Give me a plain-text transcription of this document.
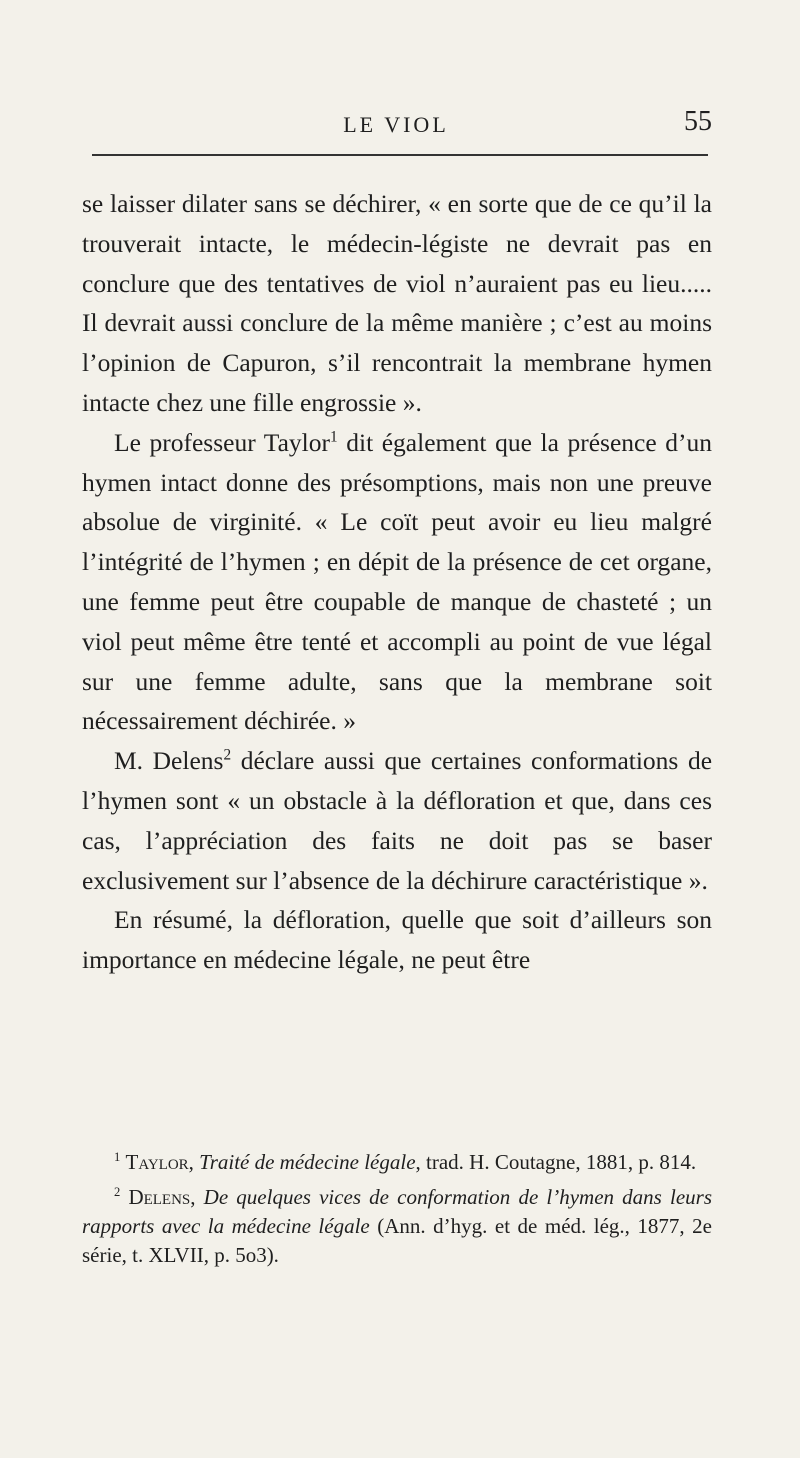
LE VIOL	55

se laisser dilater sans se déchirer, « en sorte que de ce qu’il la trouverait intacte, le médecin-légiste ne devrait pas en conclure que des tentatives de viol n’auraient pas eu lieu..... Il devrait aussi conclure de la même manière ; c’est au moins l’opinion de Capuron, s’il rencontrait la membrane hymen intacte chez une fille engrossie ».

Le professeur Taylor$^1$ dit également que la présence d’un hymen intact donne des présomptions, mais non une preuve absolue de virginité. « Le coït peut avoir eu lieu malgré l’intégrité de l’hymen ; en dépit de la présence de cet organe, une femme peut être coupable de manque de chasteté ; un viol peut même être tenté et accompli au point de vue légal sur une femme adulte, sans que la membrane soit nécessairement déchirée. »

M. Delens$^2$ déclare aussi que certaines conformations de l’hymen sont « un obstacle à la défloration et que, dans ces cas, l’appréciation des faits ne doit pas se baser exclusivement sur l’absence de la déchirure caractéristique ».

En résumé, la défloration, quelle que soit d’ailleurs son importance en médecine légale, ne peut être

$^1$ Taylor, Traité de médecine légale, trad. H. Coutagne, 1881, p. 814.

$^2$ Delens, De quelques vices de conformation de l’hymen dans leurs rapports avec la médecine légale (Ann. d’hyg. et de méd. lég., 1877, 2e série, t. XLVII, p. 5o3).
